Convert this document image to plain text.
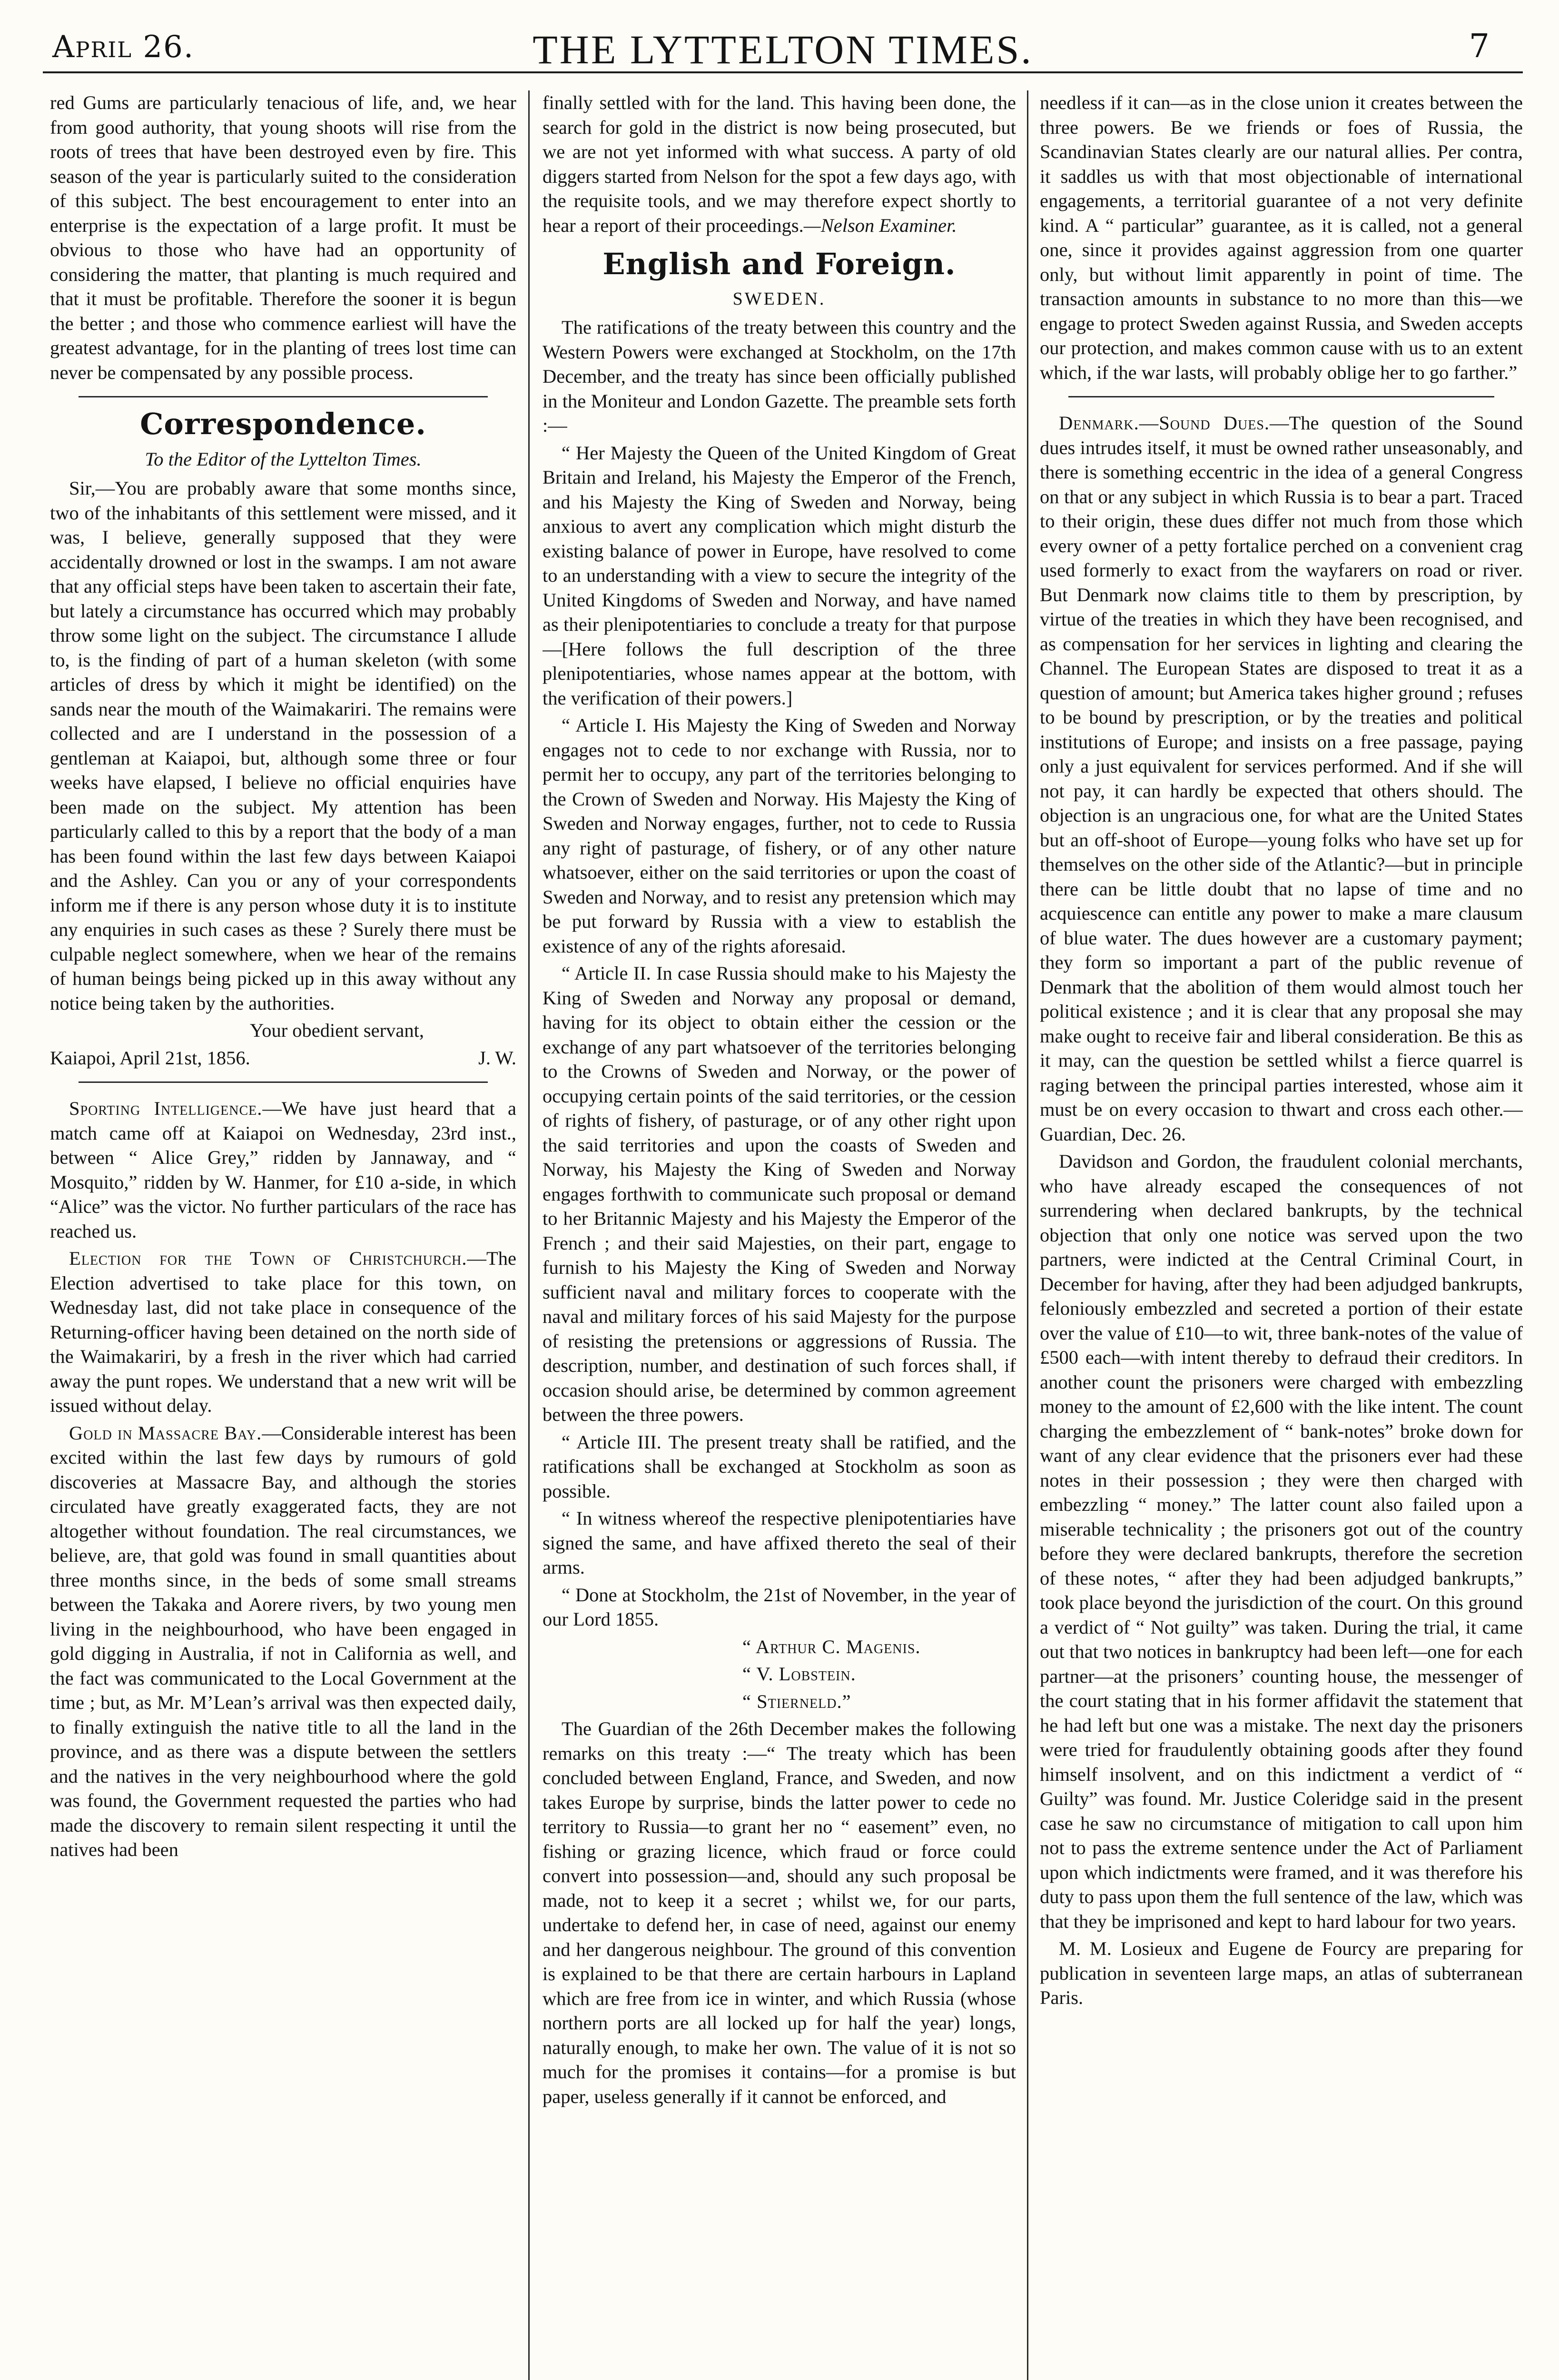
April 26.	THE LYTTELTON TIMES.	7

red Gums are particularly tenacious of life, and, we hear from good authority, that young shoots will rise from the roots of trees that have been destroyed even by fire. This season of the year is particularly suited to the consideration of this subject. The best encouragement to enter into an enterprise is the expectation of a large profit. It must be obvious to those who have had an opportunity of considering the matter, that planting is much required and that it must be profitable. Therefore the sooner it is begun the better ; and those who commence earliest will have the greatest advantage, for in the planting of trees lost time can never be compensated by any possible process.

Correspondence.

To the Editor of the Lyttelton Times.

Sir,—You are probably aware that some months since, two of the inhabitants of this settlement were missed, and it was, I believe, generally supposed that they were accidentally drowned or lost in the swamps. I am not aware that any official steps have been taken to ascertain their fate, but lately a circumstance has occurred which may probably throw some light on the subject. The circumstance I allude to, is the finding of part of a human skeleton (with some articles of dress by which it might be identified) on the sands near the mouth of the Waimakariri. The remains were collected and are I understand in the possession of a gentleman at Kaiapoi, but, although some three or four weeks have elapsed, I believe no official enquiries have been made on the subject. My attention has been particularly called to this by a report that the body of a man has been found within the last few days between Kaiapoi and the Ashley. Can you or any of your correspondents inform me if there is any person whose duty it is to institute any enquiries in such cases as these ? Surely there must be culpable neglect somewhere, when we hear of the remains of human beings being picked up in this away without any notice being taken by the authorities.

Your obedient servant,

Kaiapoi, April 21st, 1856.	J. W.

Sporting Intelligence.—We have just heard that a match came off at Kaiapoi on Wednesday, 23rd inst., between “ Alice Grey,” ridden by Jannaway, and “ Mosquito,” ridden by W. Hanmer, for £10 a-side, in which “Alice” was the victor. No further particulars of the race has reached us.

Election for the Town of Christchurch.—The Election advertised to take place for this town, on Wednesday last, did not take place in consequence of the Returning-officer having been detained on the north side of the Waimakariri, by a fresh in the river which had carried away the punt ropes. We understand that a new writ will be issued without delay.

Gold in Massacre Bay.—Considerable interest has been excited within the last few days by rumours of gold discoveries at Massacre Bay, and although the stories circulated have greatly exaggerated facts, they are not altogether without foundation. The real circumstances, we believe, are, that gold was found in small quantities about three months since, in the beds of some small streams between the Takaka and Aorere rivers, by two young men living in the neighbourhood, who have been engaged in gold digging in Australia, if not in California as well, and the fact was communicated to the Local Government at the time ; but, as Mr. M’Lean’s arrival was then expected daily, to finally extinguish the native title to all the land in the province, and as there was a dispute between the settlers and the natives in the very neighbourhood where the gold was found, the Government requested the parties who had made the discovery to remain silent respecting it until the natives had been

finally settled with for the land. This having been done, the search for gold in the district is now being prosecuted, but we are not yet informed with what success. A party of old diggers started from Nelson for the spot a few days ago, with the requisite tools, and we may therefore expect shortly to hear a report of their proceedings.—Nelson Examiner.

English and Foreign.
SWEDEN.

The ratifications of the treaty between this country and the Western Powers were exchanged at Stockholm, on the 17th December, and the treaty has since been officially published in the Moniteur and London Gazette. The preamble sets forth :—

“ Her Majesty the Queen of the United Kingdom of Great Britain and Ireland, his Majesty the Emperor of the French, and his Majesty the King of Sweden and Norway, being anxious to avert any complication which might disturb the existing balance of power in Europe, have resolved to come to an understanding with a view to secure the integrity of the United Kingdoms of Sweden and Norway, and have named as their plenipotentiaries to conclude a treaty for that purpose—[Here follows the full description of the three plenipotentiaries, whose names appear at the bottom, with the verification of their powers.]

“ Article I. His Majesty the King of Sweden and Norway engages not to cede to nor exchange with Russia, nor to permit her to occupy, any part of the territories belonging to the Crown of Sweden and Norway. His Majesty the King of Sweden and Norway engages, further, not to cede to Russia any right of pasturage, of fishery, or of any other nature whatsoever, either on the said territories or upon the coast of Sweden and Norway, and to resist any pretension which may be put forward by Russia with a view to establish the existence of any of the rights aforesaid.

“ Article II. In case Russia should make to his Majesty the King of Sweden and Norway any proposal or demand, having for its object to obtain either the cession or the exchange of any part whatsoever of the territories belonging to the Crowns of Sweden and Norway, or the power of occupying certain points of the said territories, or the cession of rights of fishery, of pasturage, or of any other right upon the said territories and upon the coasts of Sweden and Norway, his Majesty the King of Sweden and Norway engages forthwith to communicate such proposal or demand to her Britannic Majesty and his Majesty the Emperor of the French ; and their said Majesties, on their part, engage to furnish to his Majesty the King of Sweden and Norway sufficient naval and military forces to cooperate with the naval and military forces of his said Majesty for the purpose of resisting the pretensions or aggressions of Russia. The description, number, and destination of such forces shall, if occasion should arise, be determined by common agreement between the three powers.

“ Article III. The present treaty shall be ratified, and the ratifications shall be exchanged at Stockholm as soon as possible.

“ In witness whereof the respective plenipotentiaries have signed the same, and have affixed thereto the seal of their arms.

“ Done at Stockholm, the 21st of November, in the year of our Lord 1855.

“ Arthur C. Magenis.

“ V. Lobstein.

“ Stierneld.”

The Guardian of the 26th December makes the following remarks on this treaty :—“ The treaty which has been concluded between England, France, and Sweden, and now takes Europe by surprise, binds the latter power to cede no territory to Russia—to grant her no “ easement” even, no fishing or grazing licence, which fraud or force could convert into possession—and, should any such proposal be made, not to keep it a secret ; whilst we, for our parts, undertake to defend her, in case of need, against our enemy and her dangerous neighbour. The ground of this convention is explained to be that there are certain harbours in Lapland which are free from ice in winter, and which Russia (whose northern ports are all locked up for half the year) longs, naturally enough, to make her own. The value of it is not so much for the promises it contains—for a promise is but paper, useless generally if it cannot be enforced, and

needless if it can—as in the close union it creates between the three powers. Be we friends or foes of Russia, the Scandinavian States clearly are our natural allies. Per contra, it saddles us with that most objectionable of international engagements, a territorial guarantee of a not very definite kind. A “ particular” guarantee, as it is called, not a general one, since it provides against aggression from one quarter only, but without limit apparently in point of time. The transaction amounts in substance to no more than this—we engage to protect Sweden against Russia, and Sweden accepts our protection, and makes common cause with us to an extent which, if the war lasts, will probably oblige her to go farther.”

Denmark.—Sound Dues.—The question of the Sound dues intrudes itself, it must be owned rather unseasonably, and there is something eccentric in the idea of a general Congress on that or any subject in which Russia is to bear a part. Traced to their origin, these dues differ not much from those which every owner of a petty fortalice perched on a convenient crag used formerly to exact from the wayfarers on road or river. But Denmark now claims title to them by prescription, by virtue of the treaties in which they have been recognised, and as compensation for her services in lighting and clearing the Channel. The European States are disposed to treat it as a question of amount; but America takes higher ground ; refuses to be bound by prescription, or by the treaties and political institutions of Europe; and insists on a free passage, paying only a just equivalent for services performed. And if she will not pay, it can hardly be expected that others should. The objection is an ungracious one, for what are the United States but an off-shoot of Europe—young folks who have set up for themselves on the other side of the Atlantic?—but in principle there can be little doubt that no lapse of time and no acquiescence can entitle any power to make a mare clausum of blue water. The dues however are a customary payment; they form so important a part of the public revenue of Denmark that the abolition of them would almost touch her political existence ; and it is clear that any proposal she may make ought to receive fair and liberal consideration. Be this as it may, can the question be settled whilst a fierce quarrel is raging between the principal parties interested, whose aim it must be on every occasion to thwart and cross each other.—Guardian, Dec. 26.

Davidson and Gordon, the fraudulent colonial merchants, who have already escaped the consequences of not surrendering when declared bankrupts, by the technical objection that only one notice was served upon the two partners, were indicted at the Central Criminal Court, in December for having, after they had been adjudged bankrupts, feloniously embezzled and secreted a portion of their estate over the value of £10—to wit, three bank-notes of the value of £500 each—with intent thereby to defraud their creditors. In another count the prisoners were charged with embezzling money to the amount of £2,600 with the like intent. The count charging the embezzlement of “ bank-notes” broke down for want of any clear evidence that the prisoners ever had these notes in their possession ; they were then charged with embezzling “ money.” The latter count also failed upon a miserable technicality ; the prisoners got out of the country before they were declared bankrupts, therefore the secretion of these notes, “ after they had been adjudged bankrupts,” took place beyond the jurisdiction of the court. On this ground a verdict of “ Not guilty” was taken. During the trial, it came out that two notices in bankruptcy had been left—one for each partner—at the prisoners’ counting house, the messenger of the court stating that in his former affidavit the statement that he had left but one was a mistake. The next day the prisoners were tried for fraudulently obtaining goods after they found himself insolvent, and on this indictment a verdict of “ Guilty” was found. Mr. Justice Coleridge said in the present case he saw no circumstance of mitigation to call upon him not to pass the extreme sentence under the Act of Parliament upon which indictments were framed, and it was therefore his duty to pass upon them the full sentence of the law, which was that they be imprisoned and kept to hard labour for two years.

M. M. Losieux and Eugene de Fourcy are preparing for publication in seventeen large maps, an atlas of subterranean Paris.
